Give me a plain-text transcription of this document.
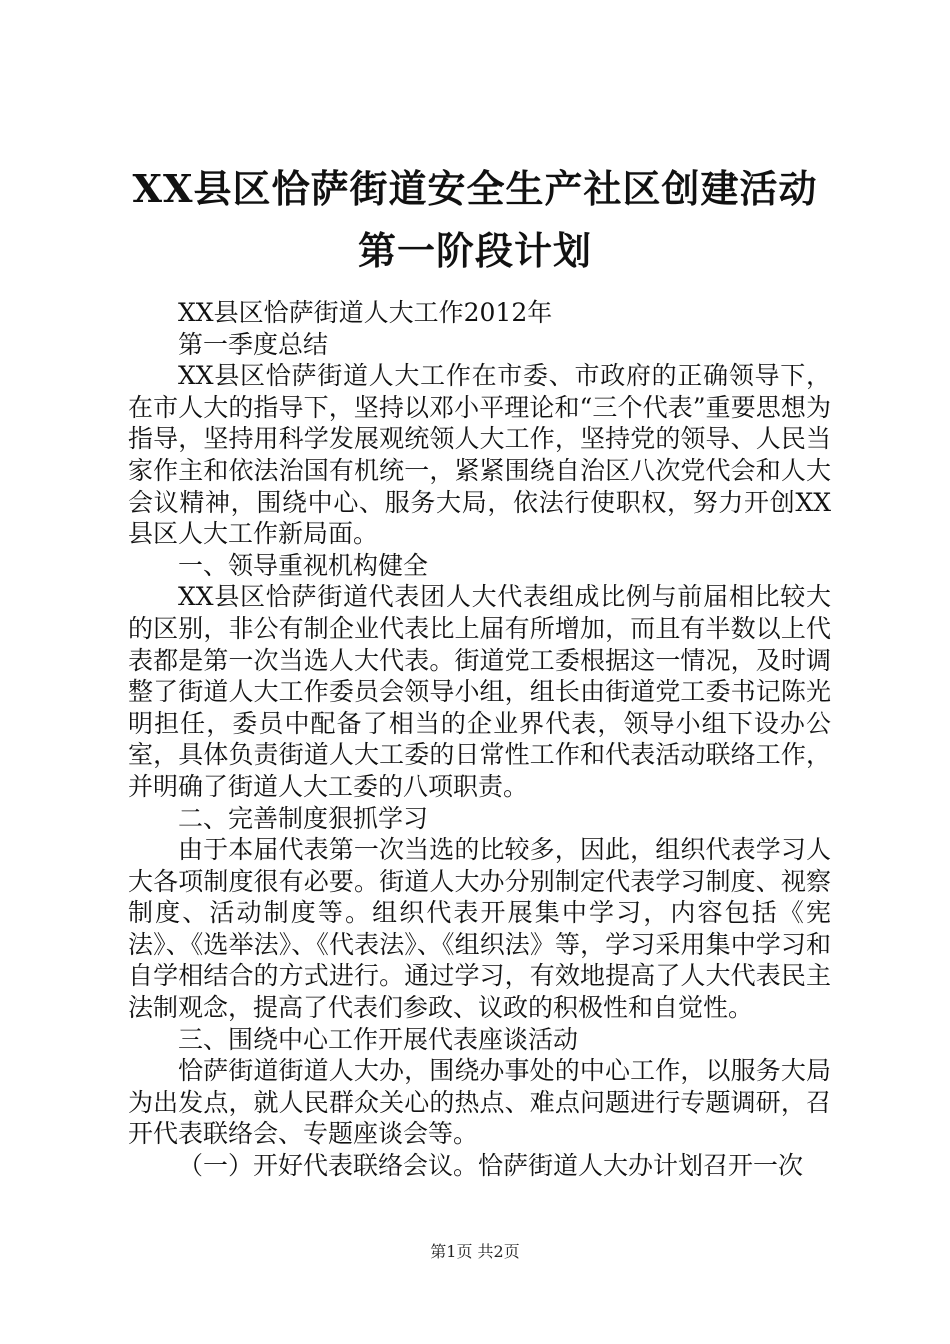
XX县区恰萨街道安全生产社区创建活动第一阶段计划

XX县区恰萨街道人大工作2012年

第一季度总结

XX县区恰萨街道人大工作在市委、市政府的正确领导下，在市人大的指导下，坚持以邓小平理论和“三个代表”重要思想为指导，坚持用科学发展观统领人大工作，坚持党的领导、人民当家作主和依法治国有机统一，紧紧围绕自治区八次党代会和人大会议精神，围绕中心、服务大局，依法行使职权，努力开创XX县区人大工作新局面。

一、领导重视机构健全

XX县区恰萨街道代表团人大代表组成比例与前届相比较大的区别，非公有制企业代表比上届有所增加，而且有半数以上代表都是第一次当选人大代表。街道党工委根据这一情况，及时调整了街道人大工作委员会领导小组，组长由街道党工委书记陈光明担任，委员中配备了相当的企业界代表，领导小组下设办公室，具体负责街道人大工委的日常性工作和代表活动联络工作，并明确了街道人大工委的八项职责。

二、完善制度狠抓学习

由于本届代表第一次当选的比较多，因此，组织代表学习人大各项制度很有必要。街道人大办分别制定代表学习制度、视察制度、活动制度等。组织代表开展集中学习，内容包括《宪法》、《选举法》、《代表法》、《组织法》等，学习采用集中学习和自学相结合的方式进行。通过学习，有效地提高了人大代表民主法制观念，提高了代表们参政、议政的积极性和自觉性。

三、围绕中心工作开展代表座谈活动

恰萨街道街道人大办，围绕办事处的中心工作，以服务大局为出发点，就人民群众关心的热点、难点问题进行专题调研，召开代表联络会、专题座谈会等。

（一）开好代表联络会议。恰萨街道人大办计划召开一次

第1页 共2页
